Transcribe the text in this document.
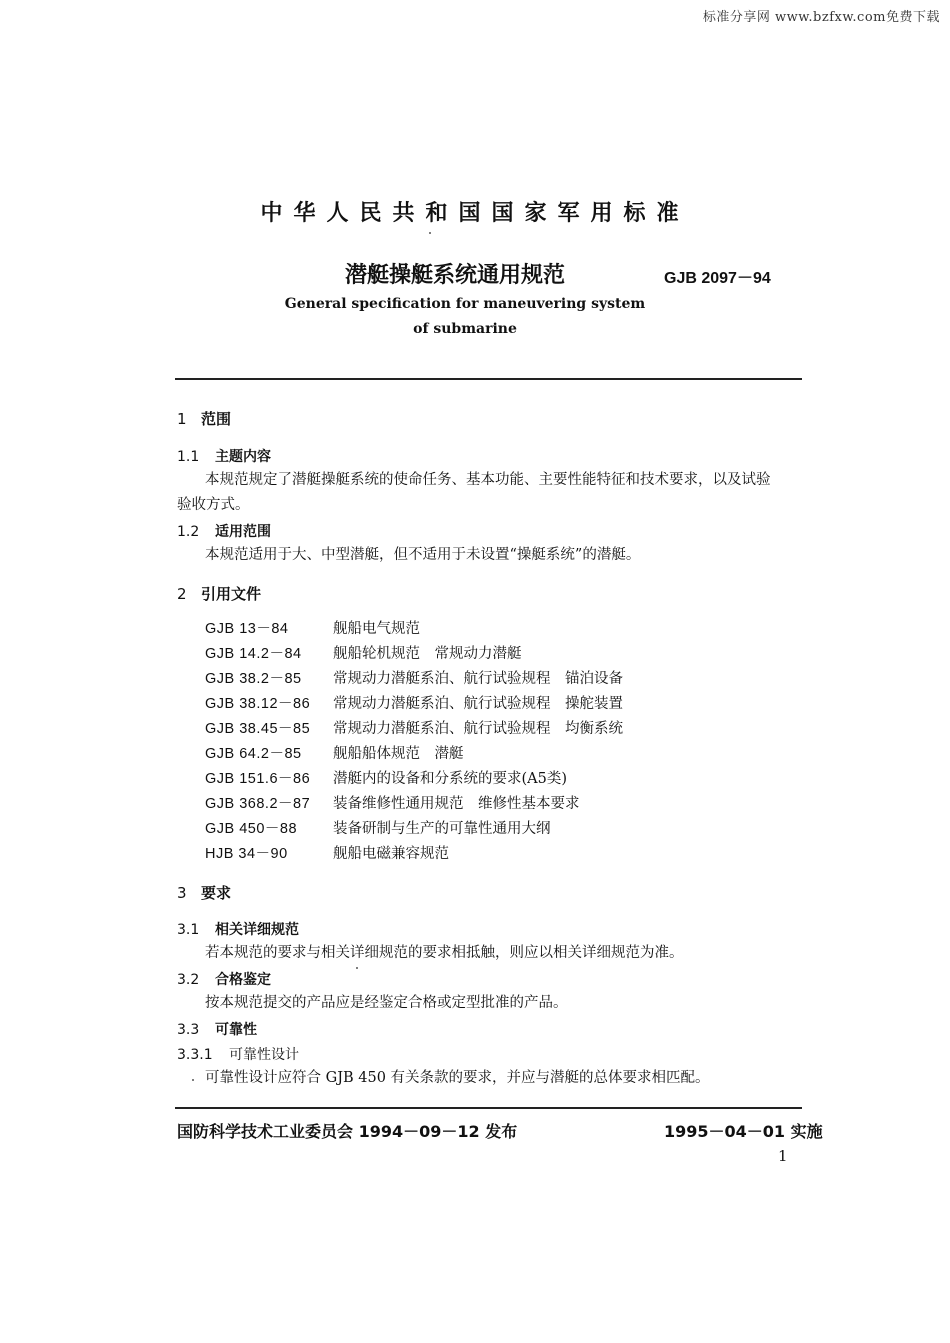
标准分享网 www.bzfxw.com免费下载
中华人民共和国国家军用标准
潜艇操艇系统通用规范	GJB 2097－94
General specification for maneuvering system
of submarine
1 范围
1.1 主题内容
本规范规定了潜艇操艇系统的使命任务、基本功能、主要性能特征和技术要求，以及试验验收方式。
1.2 适用范围
本规范适用于大、中型潜艇，但不适用于未设置“操艇系统”的潜艇。
2 引用文件
GJB 13－84	舰船电气规范
GJB 14.2－84 舰船轮机规范　常规动力潜艇
GJB 38.2－85 常规动力潜艇系泊、航行试验规程　锚泊设备
GJB 38.12－86 常规动力潜艇系泊、航行试验规程　操舵装置
GJB 38.45－85 常规动力潜艇系泊、航行试验规程　均衡系统
GJB 64.2－85 舰船船体规范　潜艇
GJB 151.6－86 潜艇内的设备和分系统的要求(A5类)
GJB 368.2－87 装备维修性通用规范　维修性基本要求
GJB 450－88 装备研制与生产的可靠性通用大纲
HJB 34－90	舰船电磁兼容规范
3 要求
3.1 相关详细规范
若本规范的要求与相关详细规范的要求相抵触，则应以相关详细规范为准。
3.2 合格鉴定
按本规范提交的产品应是经鉴定合格或定型批准的产品。
3.3 可靠性
3.3.1 可靠性设计
可靠性设计应符合 GJB 450 有关条款的要求，并应与潜艇的总体要求相匹配。
国防科学技术工业委员会 1994－09－12 发布	1995－04－01 实施
1
